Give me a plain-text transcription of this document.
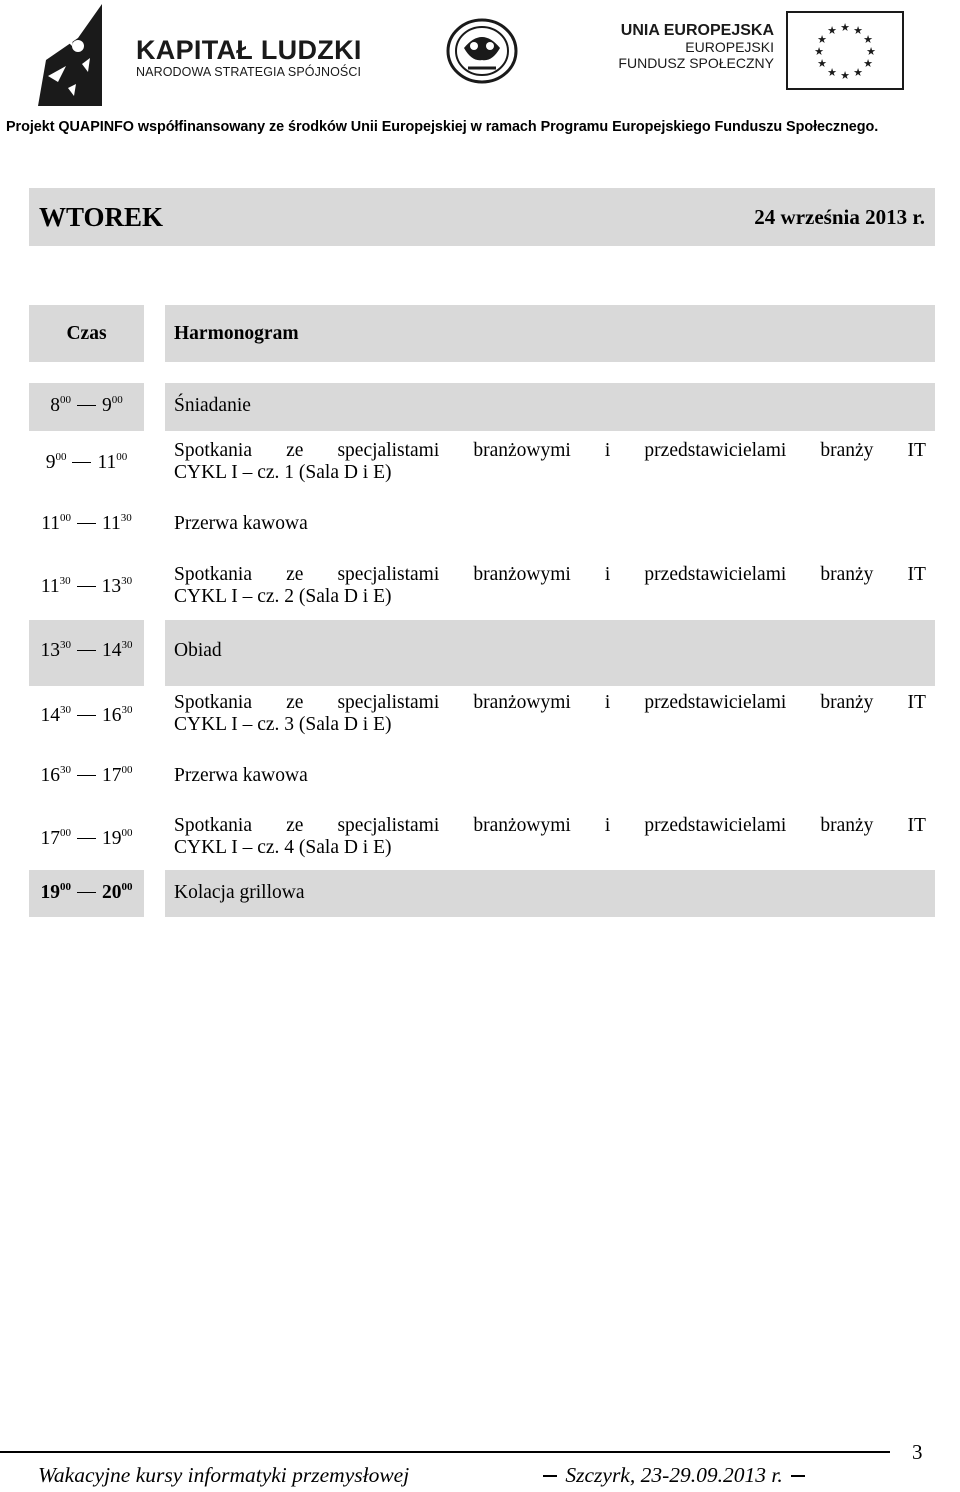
KAPITAŁ LUDZKI
NARODOWA STRATEGIA SPÓJNOŚCI
UNIA EUROPEJSKA
EUROPEJSKI
FUNDUSZ SPOŁECZNY
★ ★
★
★
★
★
★
★
★
★
★
★
Projekt QUAPINFO współfinansowany ze środków Unii Europejskiej w ramach Programu Europejskiego Funduszu Społecznego.
WTOREK	24 września 2013 r.
Czas	Harmonogram
$8^{00}$ $9^{00}$	Śniadanie
$9^{00}$ $11^{00}$	Spotkania ze specjalistami branżowymi i przedstawicielami branży IT
CYKL I – cz. 1 (Sala D i E)
$11^{00}$ $11^{30}$	Przerwa kawowa
$11^{30}$ $13^{30}$	Spotkania ze specjalistami branżowymi i przedstawicielami branży IT
CYKL I – cz. 2 (Sala D i E)
$13^{30}$ $14^{30}$	Obiad
$14^{30}$ $16^{30}$	Spotkania ze specjalistami branżowymi i przedstawicielami branży IT
CYKL I – cz. 3 (Sala D i E)
$16^{30}$ $17^{00}$	Przerwa kawowa
$17^{00}$ $19^{00}$	Spotkania ze specjalistami branżowymi i przedstawicielami branży IT
CYKL I – cz. 4 (Sala D i E)
$19^{00}$ $20^{00}$	Kolacja grillowa
3
Wakacyjne kursy informatyki przemysłowej	Szczyrk, 23-29.09.2013 r.
